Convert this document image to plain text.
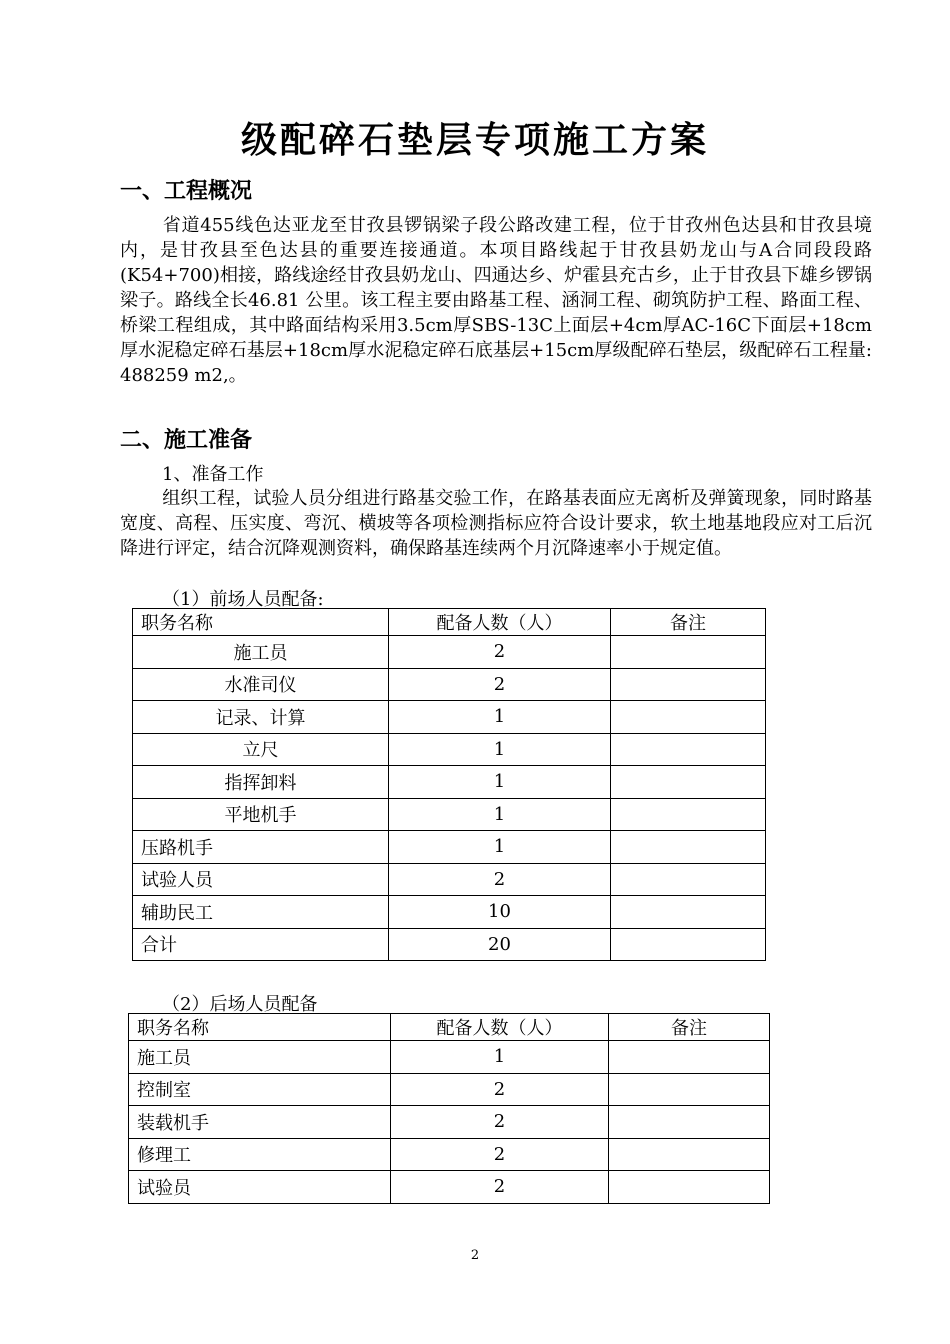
级配碎石垫层专项施工方案
一、工程概况
省道455线色达亚龙至甘孜县锣锅梁子段公路改建工程，位于甘孜州色达县和甘孜县境内，是甘孜县至色达县的重要连接通道。本项目路线起于甘孜县奶龙山与A合同段段路(K54+700)相接，路线途经甘孜县奶龙山、四通达乡、炉霍县充古乡，止于甘孜县下雄乡锣锅梁子。路线全长46.81 公里。该工程主要由路基工程、涵洞工程、砌筑防护工程、路面工程、桥梁工程组成，其中路面结构采用3.5cm厚SBS-13C上面层+4cm厚AC-16C下面层+18cm厚水泥稳定碎石基层+18cm厚水泥稳定碎石底基层+15cm厚级配碎石垫层，级配碎石工程量: 488259 m2,。
二、施工准备
1、准备工作
组织工程，试验人员分组进行路基交验工作，在路基表面应无离析及弹簧现象，同时路基宽度、高程、压实度、弯沉、横坡等各项检测指标应符合设计要求，软土地基地段应对工后沉降进行评定，结合沉降观测资料，确保路基连续两个月沉降速率小于规定值。
（1）前场人员配备:
职务名称	配备人数（人）	备注
施工员	2	
水准司仪	2	
记录、计算	1	
立尺	1	
指挥卸料	1	
平地机手	1	
压路机手	1	
试验人员	2	
辅助民工	10	
合计	20	
（2）后场人员配备
职务名称	配备人数（人）	备注
施工员	1	
控制室	2	
装载机手	2	
修理工	2	
试验员	2	
2
